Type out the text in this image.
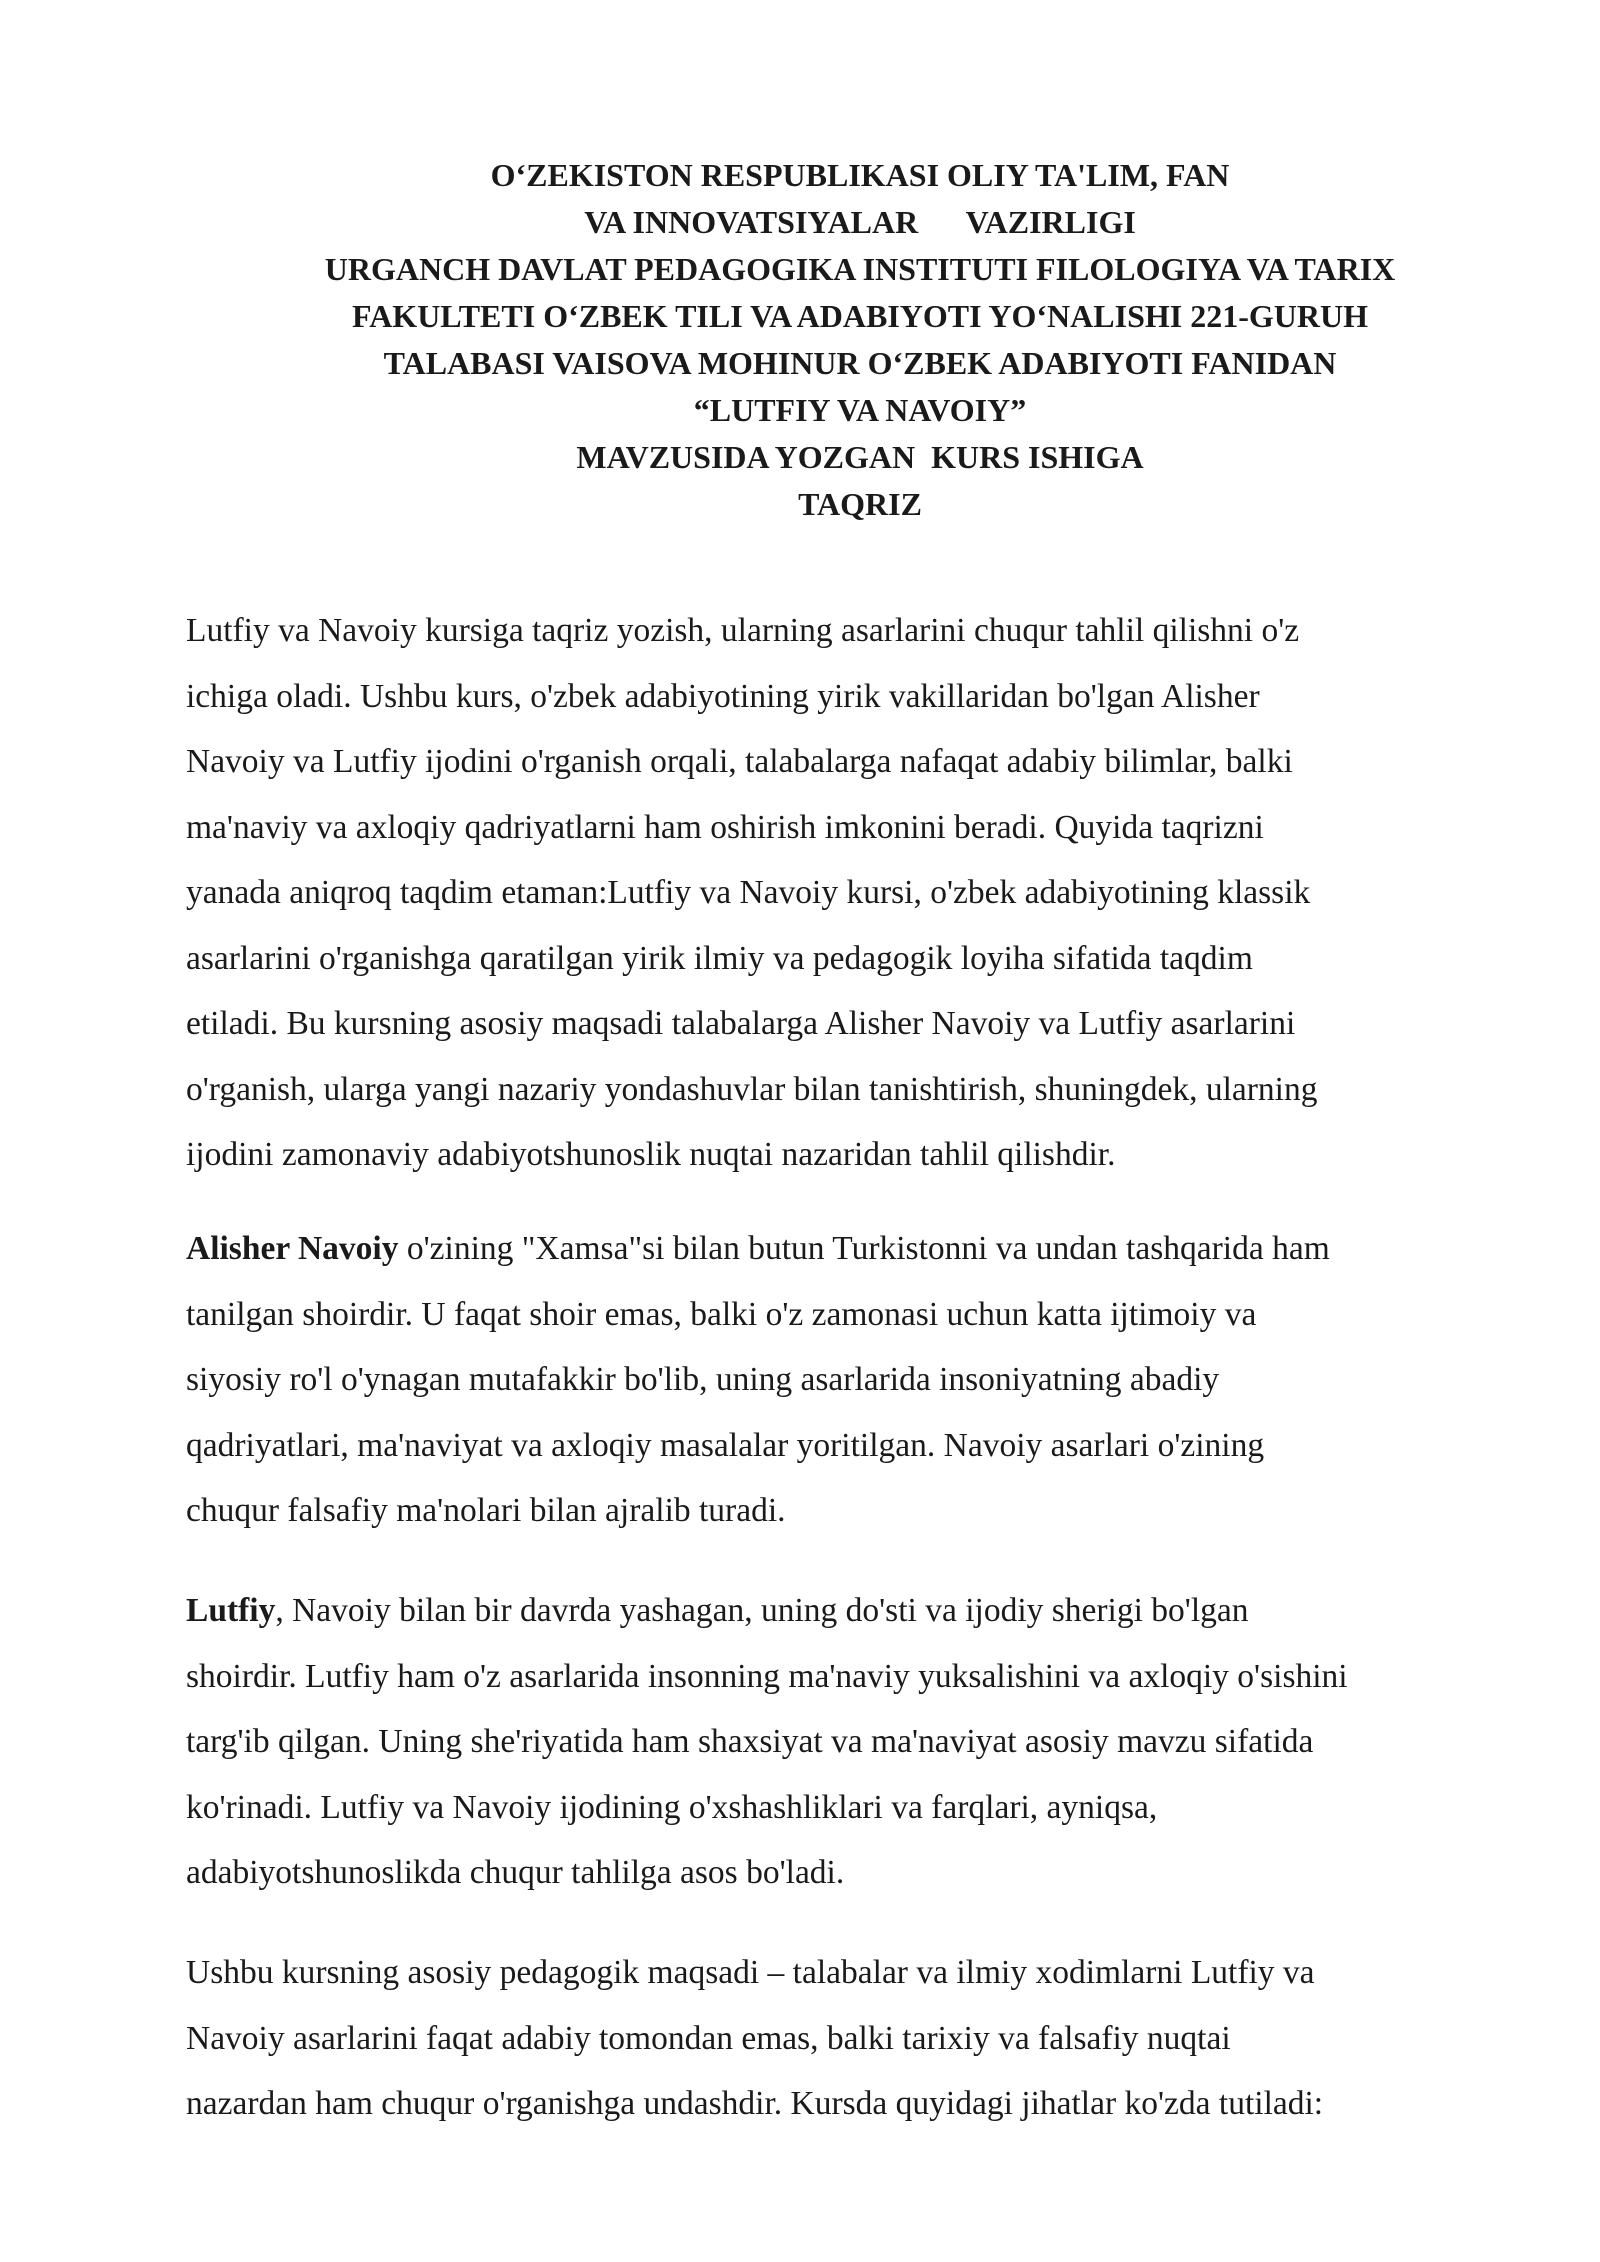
O‘ZEKISTON RESPUBLIKASI OLIY TA'LIM, FAN
VA INNOVATSIYALAR      VAZIRLIGI
URGANCH DAVLAT PEDAGOGIKA INSTITUTI FILOLOGIYA VA TARIX
FAKULTETI O‘ZBEK TILI VA ADABIYOTI YO‘NALISHI 221-GURUH
TALABASI VAISOVA MOHINUR O‘ZBEK ADABIYOTI FANIDAN
“LUTFIY VA NAVOIY”
MAVZUSIDA YOZGAN  KURS ISHIGA
TAQRIZ

Lutfiy va Navoiy kursiga taqriz yozish, ularning asarlarini chuqur tahlil qilishni o'z
ichiga oladi. Ushbu kurs, o'zbek adabiyotining yirik vakillaridan bo'lgan Alisher
Navoiy va Lutfiy ijodini o'rganish orqali, talabalarga nafaqat adabiy bilimlar, balki
ma'naviy va axloqiy qadriyatlarni ham oshirish imkonini beradi. Quyida taqrizni
yanada aniqroq taqdim etaman:Lutfiy va Navoiy kursi, o'zbek adabiyotining klassik
asarlarini o'rganishga qaratilgan yirik ilmiy va pedagogik loyiha sifatida taqdim
etiladi. Bu kursning asosiy maqsadi talabalarga Alisher Navoiy va Lutfiy asarlarini
o'rganish, ularga yangi nazariy yondashuvlar bilan tanishtirish, shuningdek, ularning
ijodini zamonaviy adabiyotshunoslik nuqtai nazaridan tahlil qilishdir.

Alisher Navoiy o'zining "Xamsa"si bilan butun Turkistonni va undan tashqarida ham
tanilgan shoirdir. U faqat shoir emas, balki o'z zamonasi uchun katta ijtimoiy va
siyosiy ro'l o'ynagan mutafakkir bo'lib, uning asarlarida insoniyatning abadiy
qadriyatlari, ma'naviyat va axloqiy masalalar yoritilgan. Navoiy asarlari o'zining
chuqur falsafiy ma'nolari bilan ajralib turadi.

Lutfiy, Navoiy bilan bir davrda yashagan, uning do'sti va ijodiy sherigi bo'lgan
shoirdir. Lutfiy ham o'z asarlarida insonning ma'naviy yuksalishini va axloqiy o'sishini
targ'ib qilgan. Uning she'riyatida ham shaxsiyat va ma'naviyat asosiy mavzu sifatida
ko'rinadi. Lutfiy va Navoiy ijodining o'xshashliklari va farqlari, ayniqsa,
adabiyotshunoslikda chuqur tahlilga asos bo'ladi.

Ushbu kursning asosiy pedagogik maqsadi – talabalar va ilmiy xodimlarni Lutfiy va
Navoiy asarlarini faqat adabiy tomondan emas, balki tarixiy va falsafiy nuqtai
nazardan ham chuqur o'rganishga undashdir. Kursda quyidagi jihatlar ko'zda tutiladi:
